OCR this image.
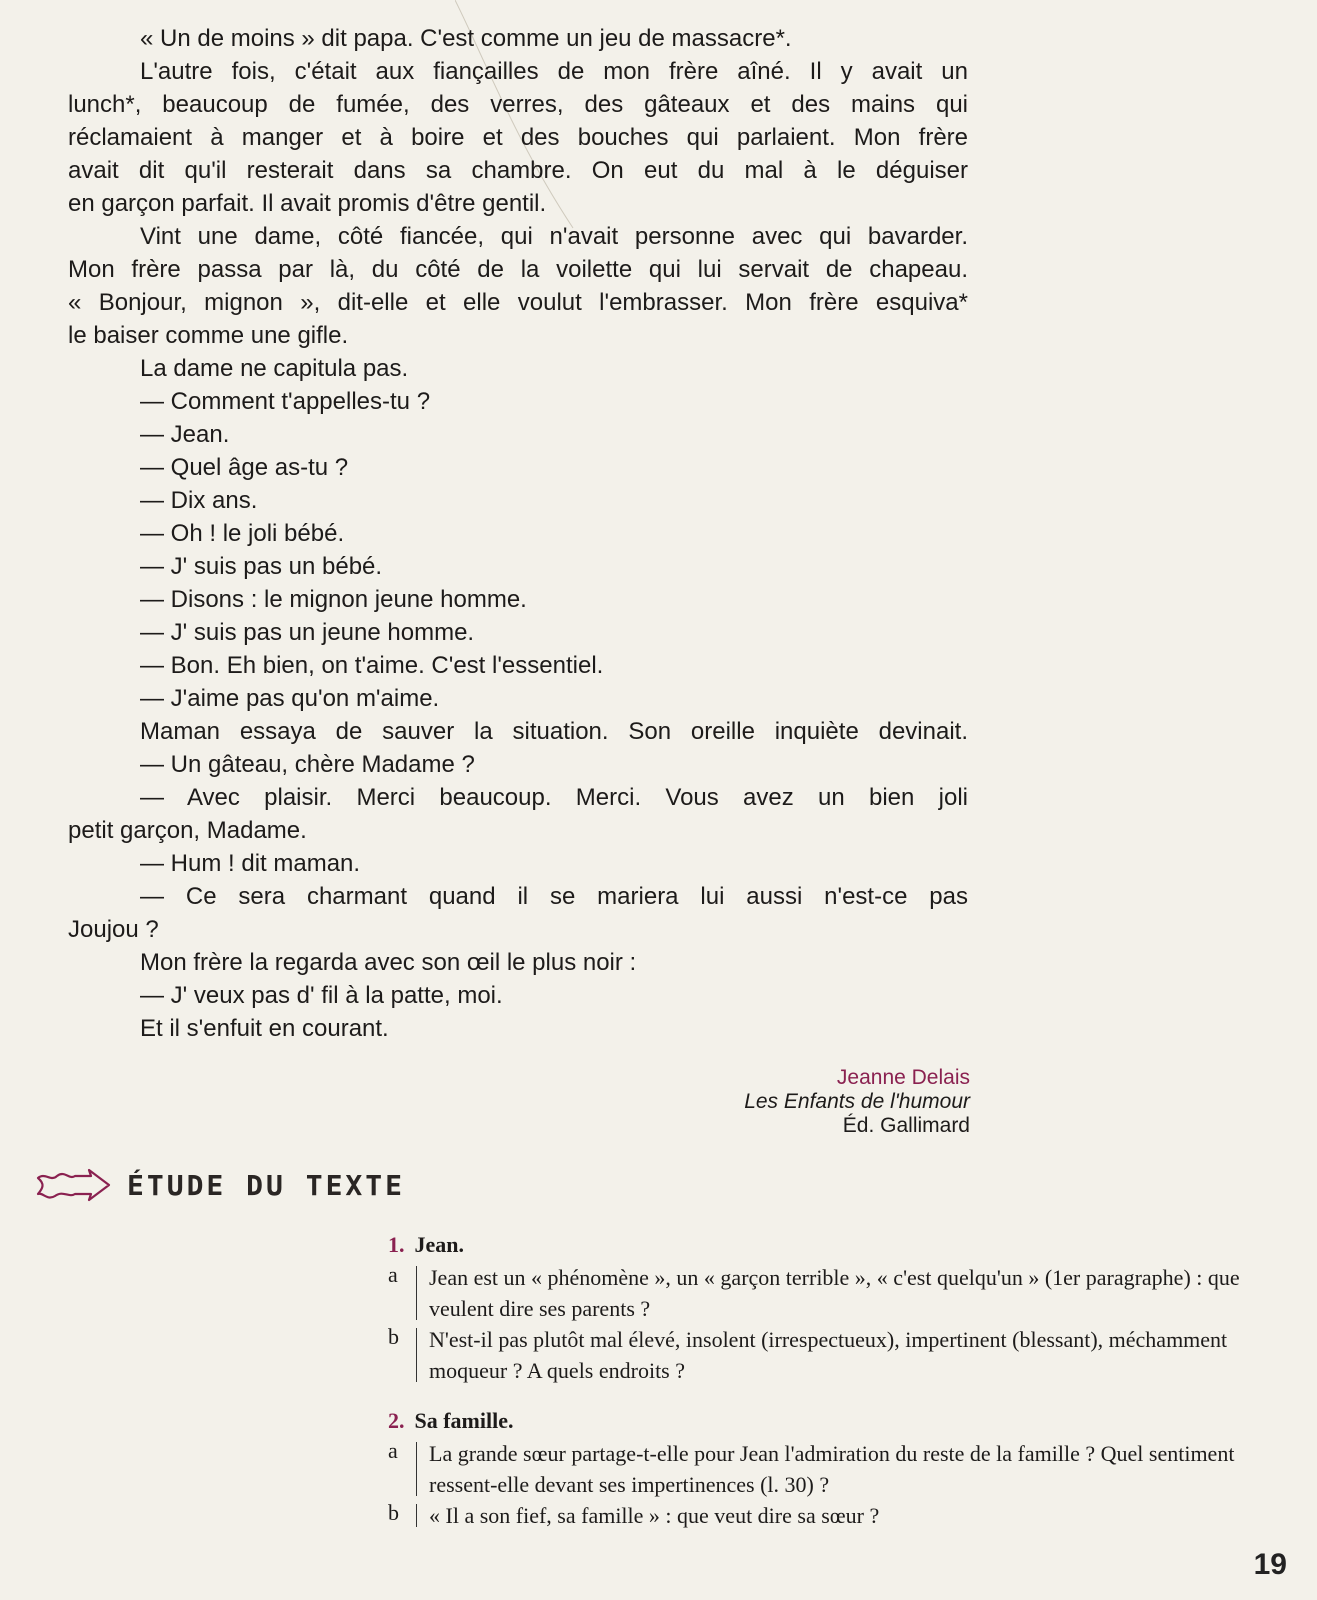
« Un de moins » dit papa. C'est comme un jeu de massacre*.
L'autre fois, c'était aux fiançailles de mon frère aîné. Il y avait un
lunch*, beaucoup de fumée, des verres, des gâteaux et des mains qui
réclamaient à manger et à boire et des bouches qui parlaient. Mon frère
avait dit qu'il resterait dans sa chambre. On eut du mal à le déguiser
en garçon parfait. Il avait promis d'être gentil.
Vint une dame, côté fiancée, qui n'avait personne avec qui bavarder.
Mon frère passa par là, du côté de la voilette qui lui servait de chapeau.
« Bonjour, mignon », dit-elle et elle voulut l'embrasser. Mon frère esquiva*
le baiser comme une gifle.
La dame ne capitula pas.
— Comment t'appelles-tu ?
— Jean.
— Quel âge as-tu ?
— Dix ans.
— Oh ! le joli bébé.
— J' suis pas un bébé.
— Disons : le mignon jeune homme.
— J' suis pas un jeune homme.
— Bon. Eh bien, on t'aime. C'est l'essentiel.
— J'aime pas qu'on m'aime.
Maman essaya de sauver la situation. Son oreille inquiète devinait.
— Un gâteau, chère Madame ?
— Avec plaisir. Merci beaucoup. Merci. Vous avez un bien joli
petit garçon, Madame.
— Hum ! dit maman.
— Ce sera charmant quand il se mariera lui aussi n'est-ce pas
Joujou ?
Mon frère la regarda avec son œil le plus noir :
— J' veux pas d' fil à la patte, moi.
Et il s'enfuit en courant.
Jeanne Delais
Les Enfants de l'humour
Éd. Gallimard
ÉTUDE DU TEXTE
1. Jean.
a	Jean est un « phénomène », un « garçon terrible », « c'est quelqu'un » (1er paragraphe) : que veulent dire ses parents ?
b	N'est-il pas plutôt mal élevé, insolent (irrespectueux), impertinent (blessant), méchamment moqueur ? A quels endroits ?
2. Sa famille.
a	La grande sœur partage-t-elle pour Jean l'admiration du reste de la famille ? Quel sentiment ressent-elle devant ses impertinences (l. 30) ?
b	« Il a son fief, sa famille » : que veut dire sa sœur ?
19
